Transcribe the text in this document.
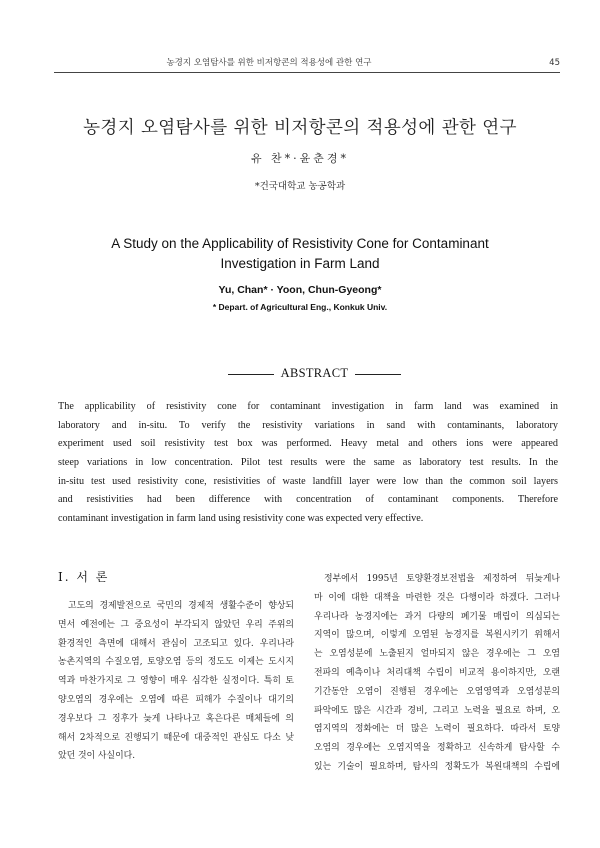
농경지 오염탐사를 위한 비저항콘의 적용성에 관한 연구	45
농경지 오염탐사를 위한 비저항콘의 적용성에 관한 연구
유 찬*·윤춘경*
*건국대학교 농공학과
A Study on the Applicability of Resistivity Cone for Contaminant
Investigation in Farm Land
Yu, Chan* · Yoon, Chun-Gyeong*
* Depart. of Agricultural Eng., Konkuk Univ.
ABSTRACT
The applicability of resistivity cone for contaminant investigation in farm land was examined in
laboratory and in-situ. To verify the resistivity variations in sand with contaminants, laboratory
experiment used soil resistivity test box was performed. Heavy metal and others ions were appeared
steep variations in low concentration. Pilot test results were the same as laboratory test results. In the
in-situ test used resistivity cone, resistivities of waste landfill layer were low than the common soil layers
and resistivities had been difference with concentration of contaminant components. Therefore
contaminant investigation in farm land using resistivity cone was expected very effective.
Ⅰ. 서 론
고도의 경제발전으로 국민의 경제적 생활수준이 향상되
면서 예전에는 그 중요성이 부각되지 않았던 우리 주위의
환경적인 측면에 대해서 관심이 고조되고 있다. 우리나라
농촌지역의 수질오염, 토양오염 등의 정도도 이제는 도시지
역과 마찬가지로 그 영향이 매우 심각한 실정이다. 특히 토
양오염의 경우에는 오염에 따른 피해가 수질이나 대기의
경우보다 그 징후가 늦게 나타나고 혹은다른 매체들에 의
해서 2차적으로 진행되기 때문에 대중적인 관심도 다소 낮
았던 것이 사실이다.
정부에서 1995년 토양환경보전법을 제정하여 뒤늦게나
마 이에 대한 대책을 마련한 것은 다행이라 하겠다. 그러나
우리나라 농경지에는 과거 다량의 폐기물 매립이 의심되는
지역이 많으며, 이렇게 오염된 농경지를 복원시키기 위해서
는 오염성분에 노출된지 얼마되지 않은 경우에는 그 오염
전파의 예측이나 처리대책 수립이 비교적 용이하지만, 오랜
기간동안 오염이 진행된 경우에는 오염영역과 오염성분의
파악에도 많은 시간과 경비, 그리고 노력을 필요로 하며, 오
염지역의 정화에는 더 많은 노력이 필요하다. 따라서 토양
오염의 경우에는 오염지역을 정확하고 신속하게 탐사할 수
있는 기술이 필요하며, 탐사의 정확도가 복원대책의 수립에
